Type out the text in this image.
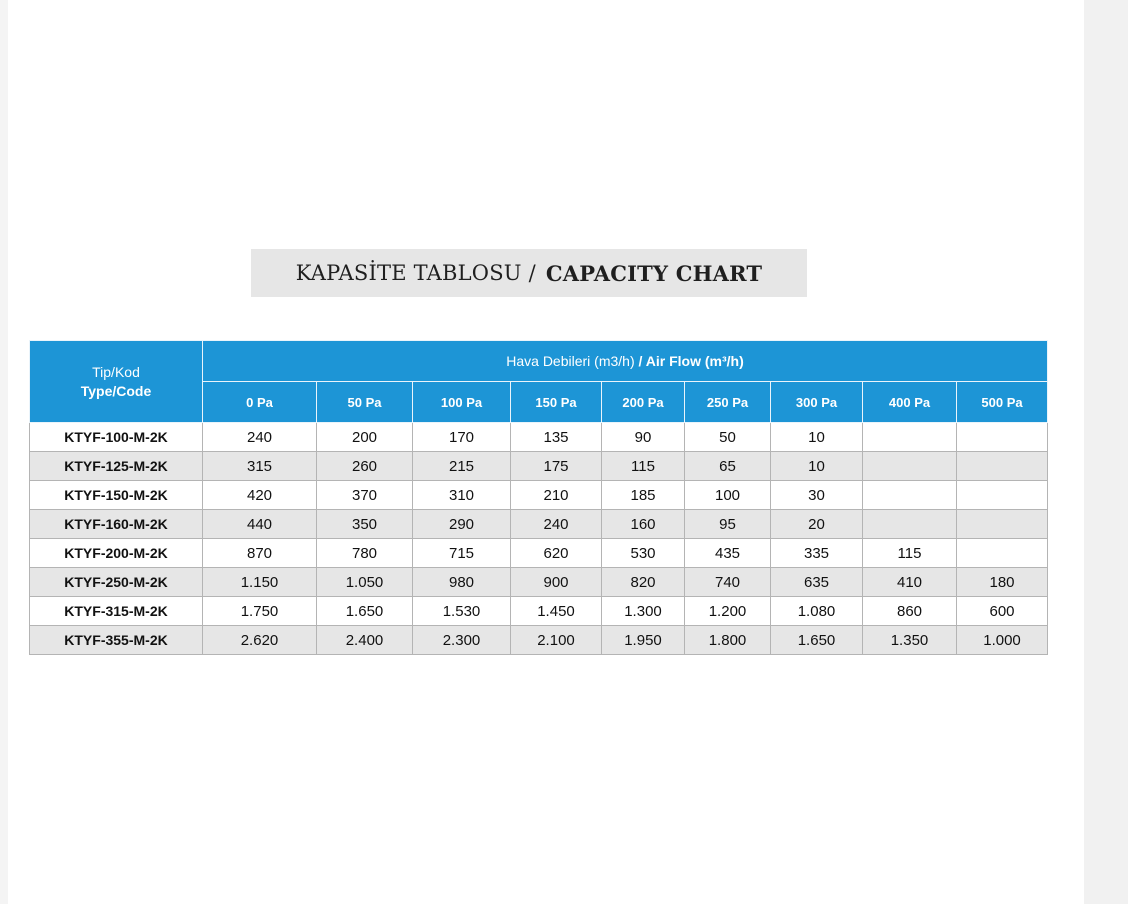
KAPASİTE TABLOSU / CAPACITY CHART
Tip/Kod
Type/Code	Hava Debileri (m3/h) / Air Flow (m³/h)								
	0 Pa	50 Pa	100 Pa	150 Pa	200 Pa	250 Pa	300 Pa	400 Pa	500 Pa
KTYF-100-M-2K	240	200	170	135	90	50	10		
KTYF-125-M-2K	315	260	215	175	115	65	10		
KTYF-150-M-2K	420	370	310	210	185	100	30		
KTYF-160-M-2K	440	350	290	240	160	95	20		
KTYF-200-M-2K	870	780	715	620	530	435	335	115	
KTYF-250-M-2K	1.150	1.050	980	900	820	740	635	410	180
KTYF-315-M-2K	1.750	1.650	1.530	1.450	1.300	1.200	1.080	860	600
KTYF-355-M-2K	2.620	2.400	2.300	2.100	1.950	1.800	1.650	1.350	1.000
